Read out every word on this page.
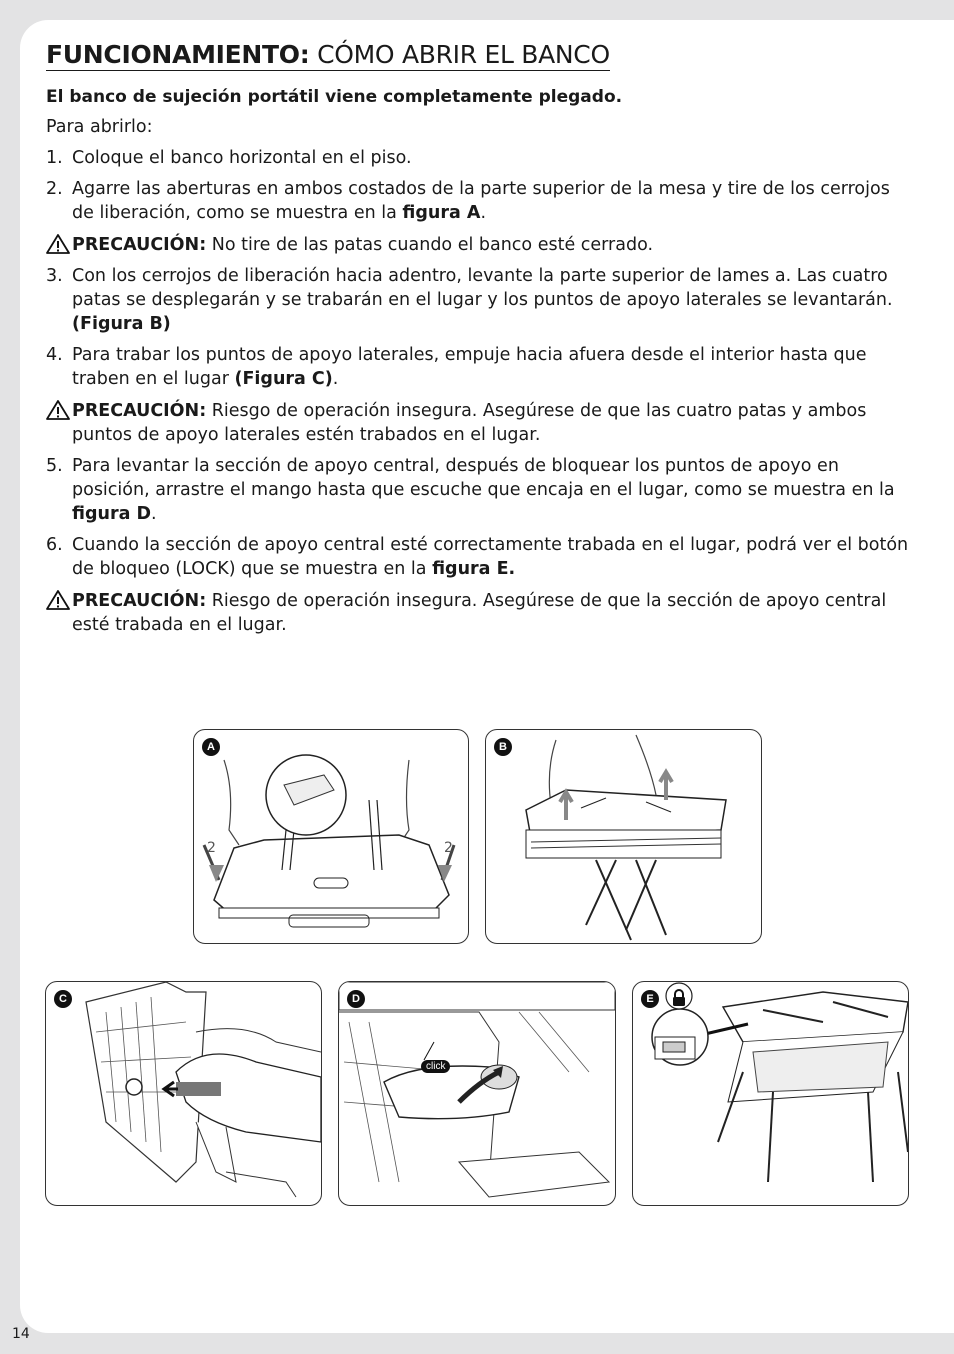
FUNCIONAMIENTO: CÓMO ABRIR EL BANCO

El banco de sujeción portátil viene completamente plegado.

Para abrirlo:

1. Coloque el banco horizontal en el piso.

2. Agarre las aberturas en ambos costados de la parte superior de la mesa y tire de los cerrojos de liberación, como se muestra en la figura A.

PRECAUCIÓN: No tire de las patas cuando el banco esté cerrado.

3. Con los cerrojos de liberación hacia adentro, levante la parte superior de lames a. Las cuatro patas se desplegarán y se trabarán en el lugar y los puntos de apoyo laterales se levantarán. (Figura B)

4. Para trabar los puntos de apoyo laterales, empuje hacia afuera desde el interior hasta que traben en el lugar (Figura C).

PRECAUCIÓN: Riesgo de operación insegura. Asegúrese de que las cuatro patas y ambos puntos de apoyo laterales estén trabados en el lugar.

5. Para levantar la sección de apoyo central, después de bloquear los puntos de apoyo en posición, arrastre el mango hasta que escuche que encaja en el lugar, como se muestra en la figura D.

6. Cuando la sección de apoyo central esté correctamente trabada en el lugar, podrá ver el botón de bloqueo (LOCK) que se muestra en la figura E.

PRECAUCIÓN: Riesgo de operación insegura. Asegúrese de que la sección de apoyo central esté trabada en el lugar.

2	2
A	B
C
click
D	E
14
